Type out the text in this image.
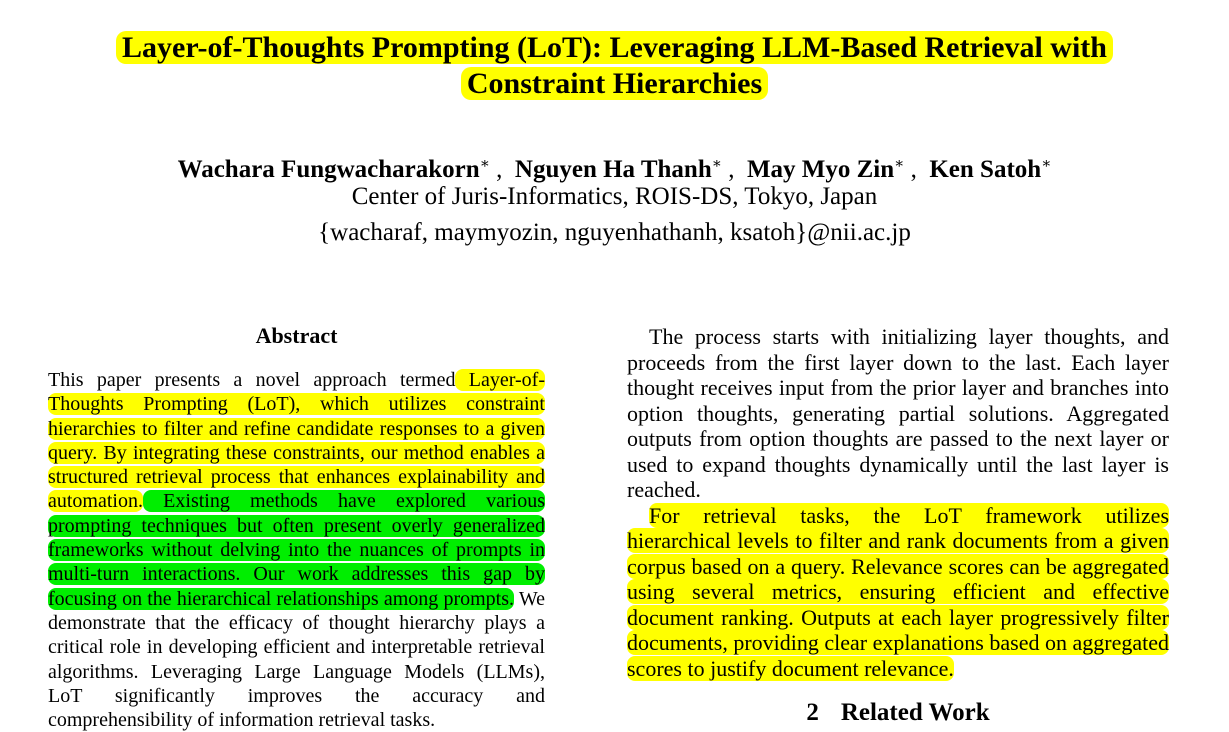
Layer-of-Thoughts Prompting (LoT): Leveraging LLM-Based Retrieval with
Constraint Hierarchies
Wachara Fungwacharakorn∗ ,  Nguyen Ha Thanh∗ ,  May Myo Zin∗ ,  Ken Satoh∗
Center of Juris-Informatics, ROIS-DS, Tokyo, Japan
{wacharaf, maymyozin, nguyenhathanh, ksatoh}@nii.ac.jp
Abstract
This paper presents a novel approach termed Layer-of-Thoughts Prompting (LoT), which utilizes constraint hierarchies to filter and refine candidate responses to a given query. By integrating these constraints, our method enables a structured retrieval process that enhances explainability and automation. Existing methods have explored various prompting techniques but often present overly generalized frameworks without delving into the nuances of prompts in multi-turn interactions. Our work addresses this gap by focusing on the hierarchical relationships among prompts. We demonstrate that the efficacy of thought hierarchy plays a critical role in developing efficient and interpretable retrieval algorithms. Leveraging Large Language Models (LLMs), LoT significantly improves the accuracy and comprehensibility of information retrieval tasks.

The process starts with initializing layer thoughts, and proceeds from the first layer down to the last. Each layer thought receives input from the prior layer and branches into option thoughts, generating partial solutions. Aggregated outputs from option thoughts are passed to the next layer or used to expand thoughts dynamically until the last layer is reached.

For retrieval tasks, the LoT framework utilizes hierarchical levels to filter and rank documents from a given corpus based on a query. Relevance scores can be aggregated using several metrics, ensuring efficient and effective document ranking. Outputs at each layer progressively filter documents, providing clear explanations based on aggregated scores to justify document relevance.

2 Related Work
